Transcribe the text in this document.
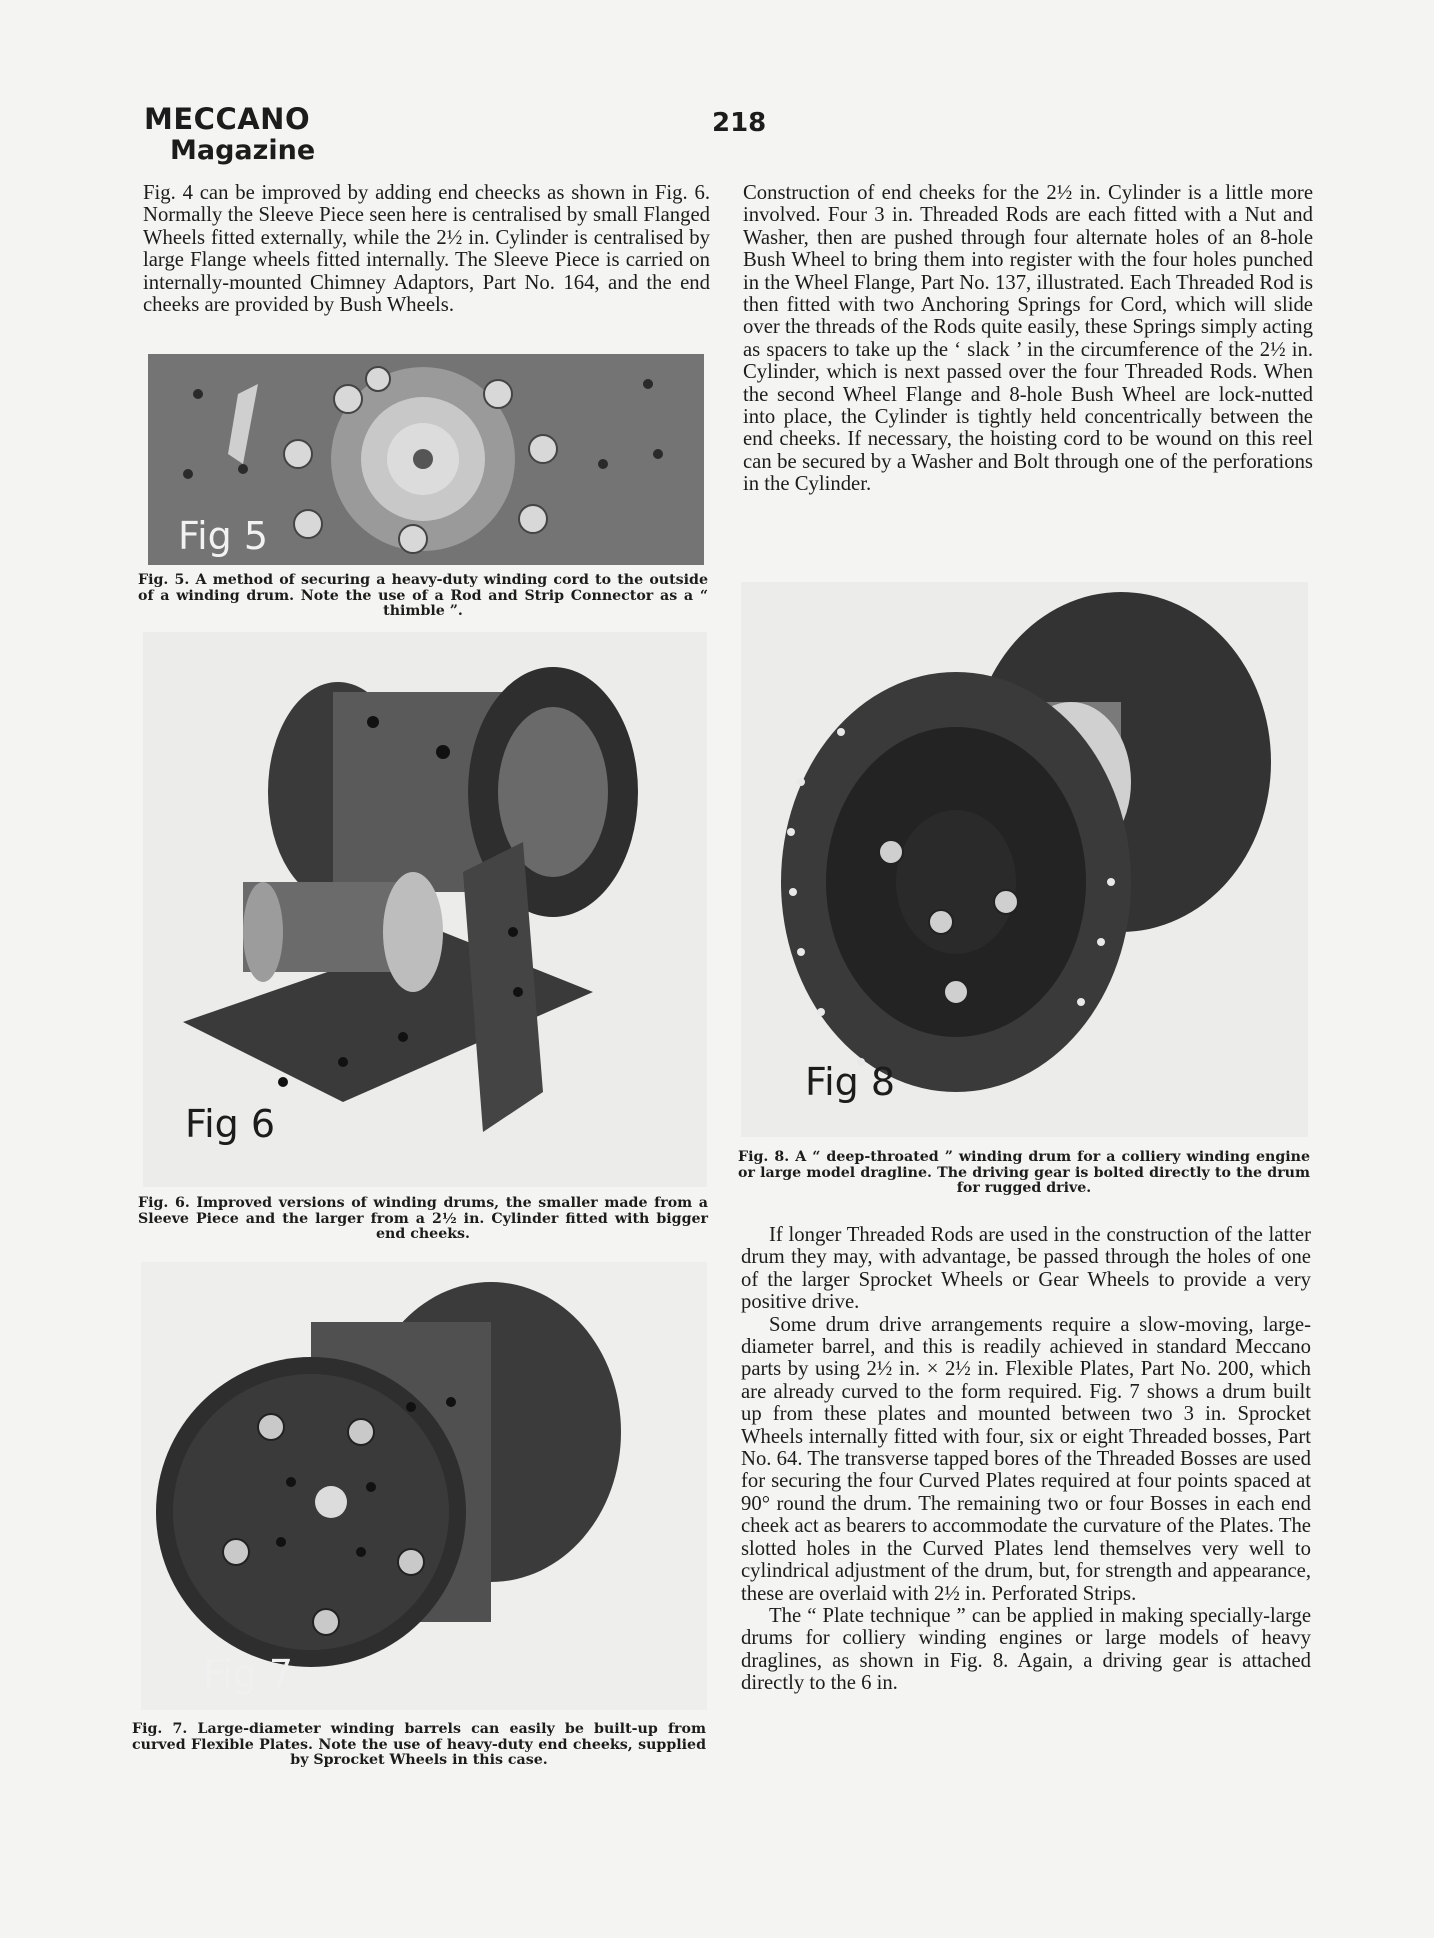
MECCANO
Magazine
218

Fig. 4 can be improved by adding end cheecks as shown in Fig. 6. Normally the Sleeve Piece seen here is centralised by small Flanged Wheels fitted externally, while the 2½ in. Cylinder is centralised by large Flange wheels fitted internally. The Sleeve Piece is carried on internally-mounted Chimney Adaptors, Part No. 164, and the end cheeks are provided by Bush Wheels.

Construction of end cheeks for the 2½ in. Cylinder is a little more involved. Four 3 in. Threaded Rods are each fitted with a Nut and Washer, then are pushed through four alternate holes of an 8-hole Bush Wheel to bring them into register with the four holes punched in the Wheel Flange, Part No. 137, illustrated. Each Threaded Rod is then fitted with two Anchoring Springs for Cord, which will slide over the threads of the Rods quite easily, these Springs simply acting as spacers to take up the ‘ slack ’ in the circumference of the 2½ in. Cylinder, which is next passed over the four Threaded Rods. When the second Wheel Flange and 8-hole Bush Wheel are lock-nutted into place, the Cylinder is tightly held concentrically between the end cheeks. If necessary, the hoisting cord to be wound on this reel can be secured by a Washer and Bolt through one of the perforations in the Cylinder.

Fig 5
Fig. 5. A method of securing a heavy-duty winding cord to the outside of a winding drum. Note the use of a Rod and Strip Connector as a “ thimble ”.
Fig 6
Fig. 6. Improved versions of winding drums, the smaller made from a Sleeve Piece and the larger from a 2½ in. Cylinder fitted with bigger end cheeks.
Fig 7
Fig. 7. Large-diameter winding barrels can easily be built-up from curved Flexible Plates. Note the use of heavy-duty end cheeks, supplied by Sprocket Wheels in this case.
Fig 8
Fig. 8. A “ deep-throated ” winding drum for a colliery winding engine or large model dragline. The driving gear is bolted directly to the drum for rugged drive.

If longer Threaded Rods are used in the construction of the latter drum they may, with advantage, be passed through the holes of one of the larger Sprocket Wheels or Gear Wheels to provide a very positive drive.

Some drum drive arrangements require a slow-moving, large-diameter barrel, and this is readily achieved in standard Meccano parts by using 2½ in. × 2½ in. Flexible Plates, Part No. 200, which are already curved to the form required. Fig. 7 shows a drum built up from these plates and mounted between two 3 in. Sprocket Wheels internally fitted with four, six or eight Threaded bosses, Part No. 64. The transverse tapped bores of the Threaded Bosses are used for securing the four Curved Plates required at four points spaced at 90° round the drum. The remaining two or four Bosses in each end cheek act as bearers to accommodate the curvature of the Plates. The slotted holes in the Curved Plates lend themselves very well to cylindrical adjustment of the drum, but, for strength and appearance, these are overlaid with 2½ in. Perforated Strips.

The “ Plate technique ” can be applied in making specially-large drums for colliery winding engines or large models of heavy draglines, as shown in Fig. 8. Again, a driving gear is attached directly to the 6 in.
